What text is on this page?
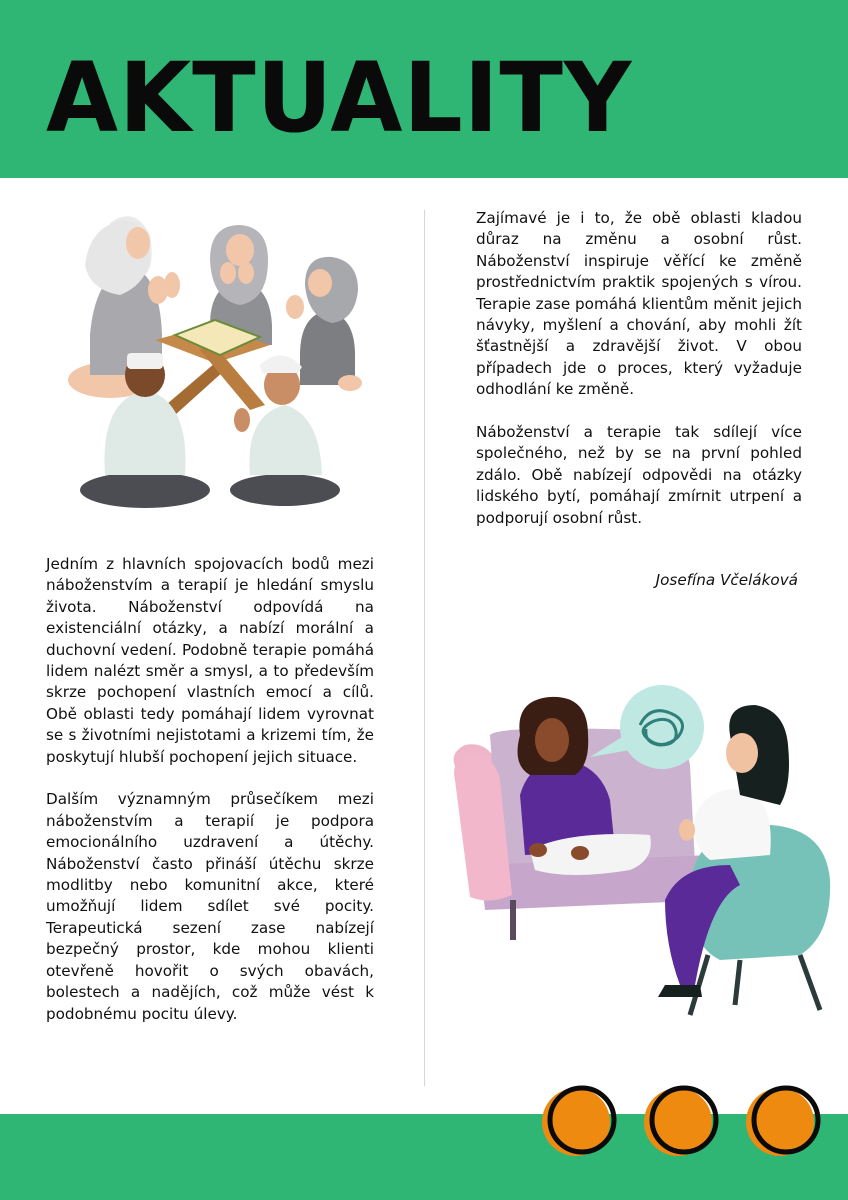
AKTUALITY

Jedním z hlavních spojovacích bodů mezi náboženstvím a terapií je hledání smyslu života. Náboženství odpovídá na existenciální otázky, a nabízí morální a duchovní vedení. Podobně terapie pomáhá lidem nalézt směr a smysl, a to především skrze pochopení vlastních emocí a cílů. Obě oblasti tedy pomáhají lidem vyrovnat se s životními nejistotami a krizemi tím, že poskytují hlubší pochopení jejich situace.

Dalším významným průsečíkem mezi náboženstvím a terapií je podpora emocionálního uzdravení a útěchy. Náboženství často přináší útěchu skrze modlitby nebo komunitní akce, které umožňují lidem sdílet své pocity. Terapeutická sezení zase nabízejí bezpečný prostor, kde mohou klienti otevřeně hovořit o svých obavách, bolestech a nadějích, což může vést k podobnému pocitu úlevy.

Zajímavé je i to, že obě oblasti kladou důraz na změnu a osobní růst. Náboženství inspiruje věřící ke změně prostřednictvím praktik spojených s vírou. Terapie zase pomáhá klientům měnit jejich návyky, myšlení a chování, aby mohli žít šťastnější a zdravější život. V obou případech jde o proces, který vyžaduje odhodlání ke změně.

Náboženství a terapie tak sdílejí více společného, než by se na první pohled zdálo. Obě nabízejí odpovědi na otázky lidského bytí, pomáhají zmírnit utrpení a podporují osobní růst.

Josefína Včeláková
